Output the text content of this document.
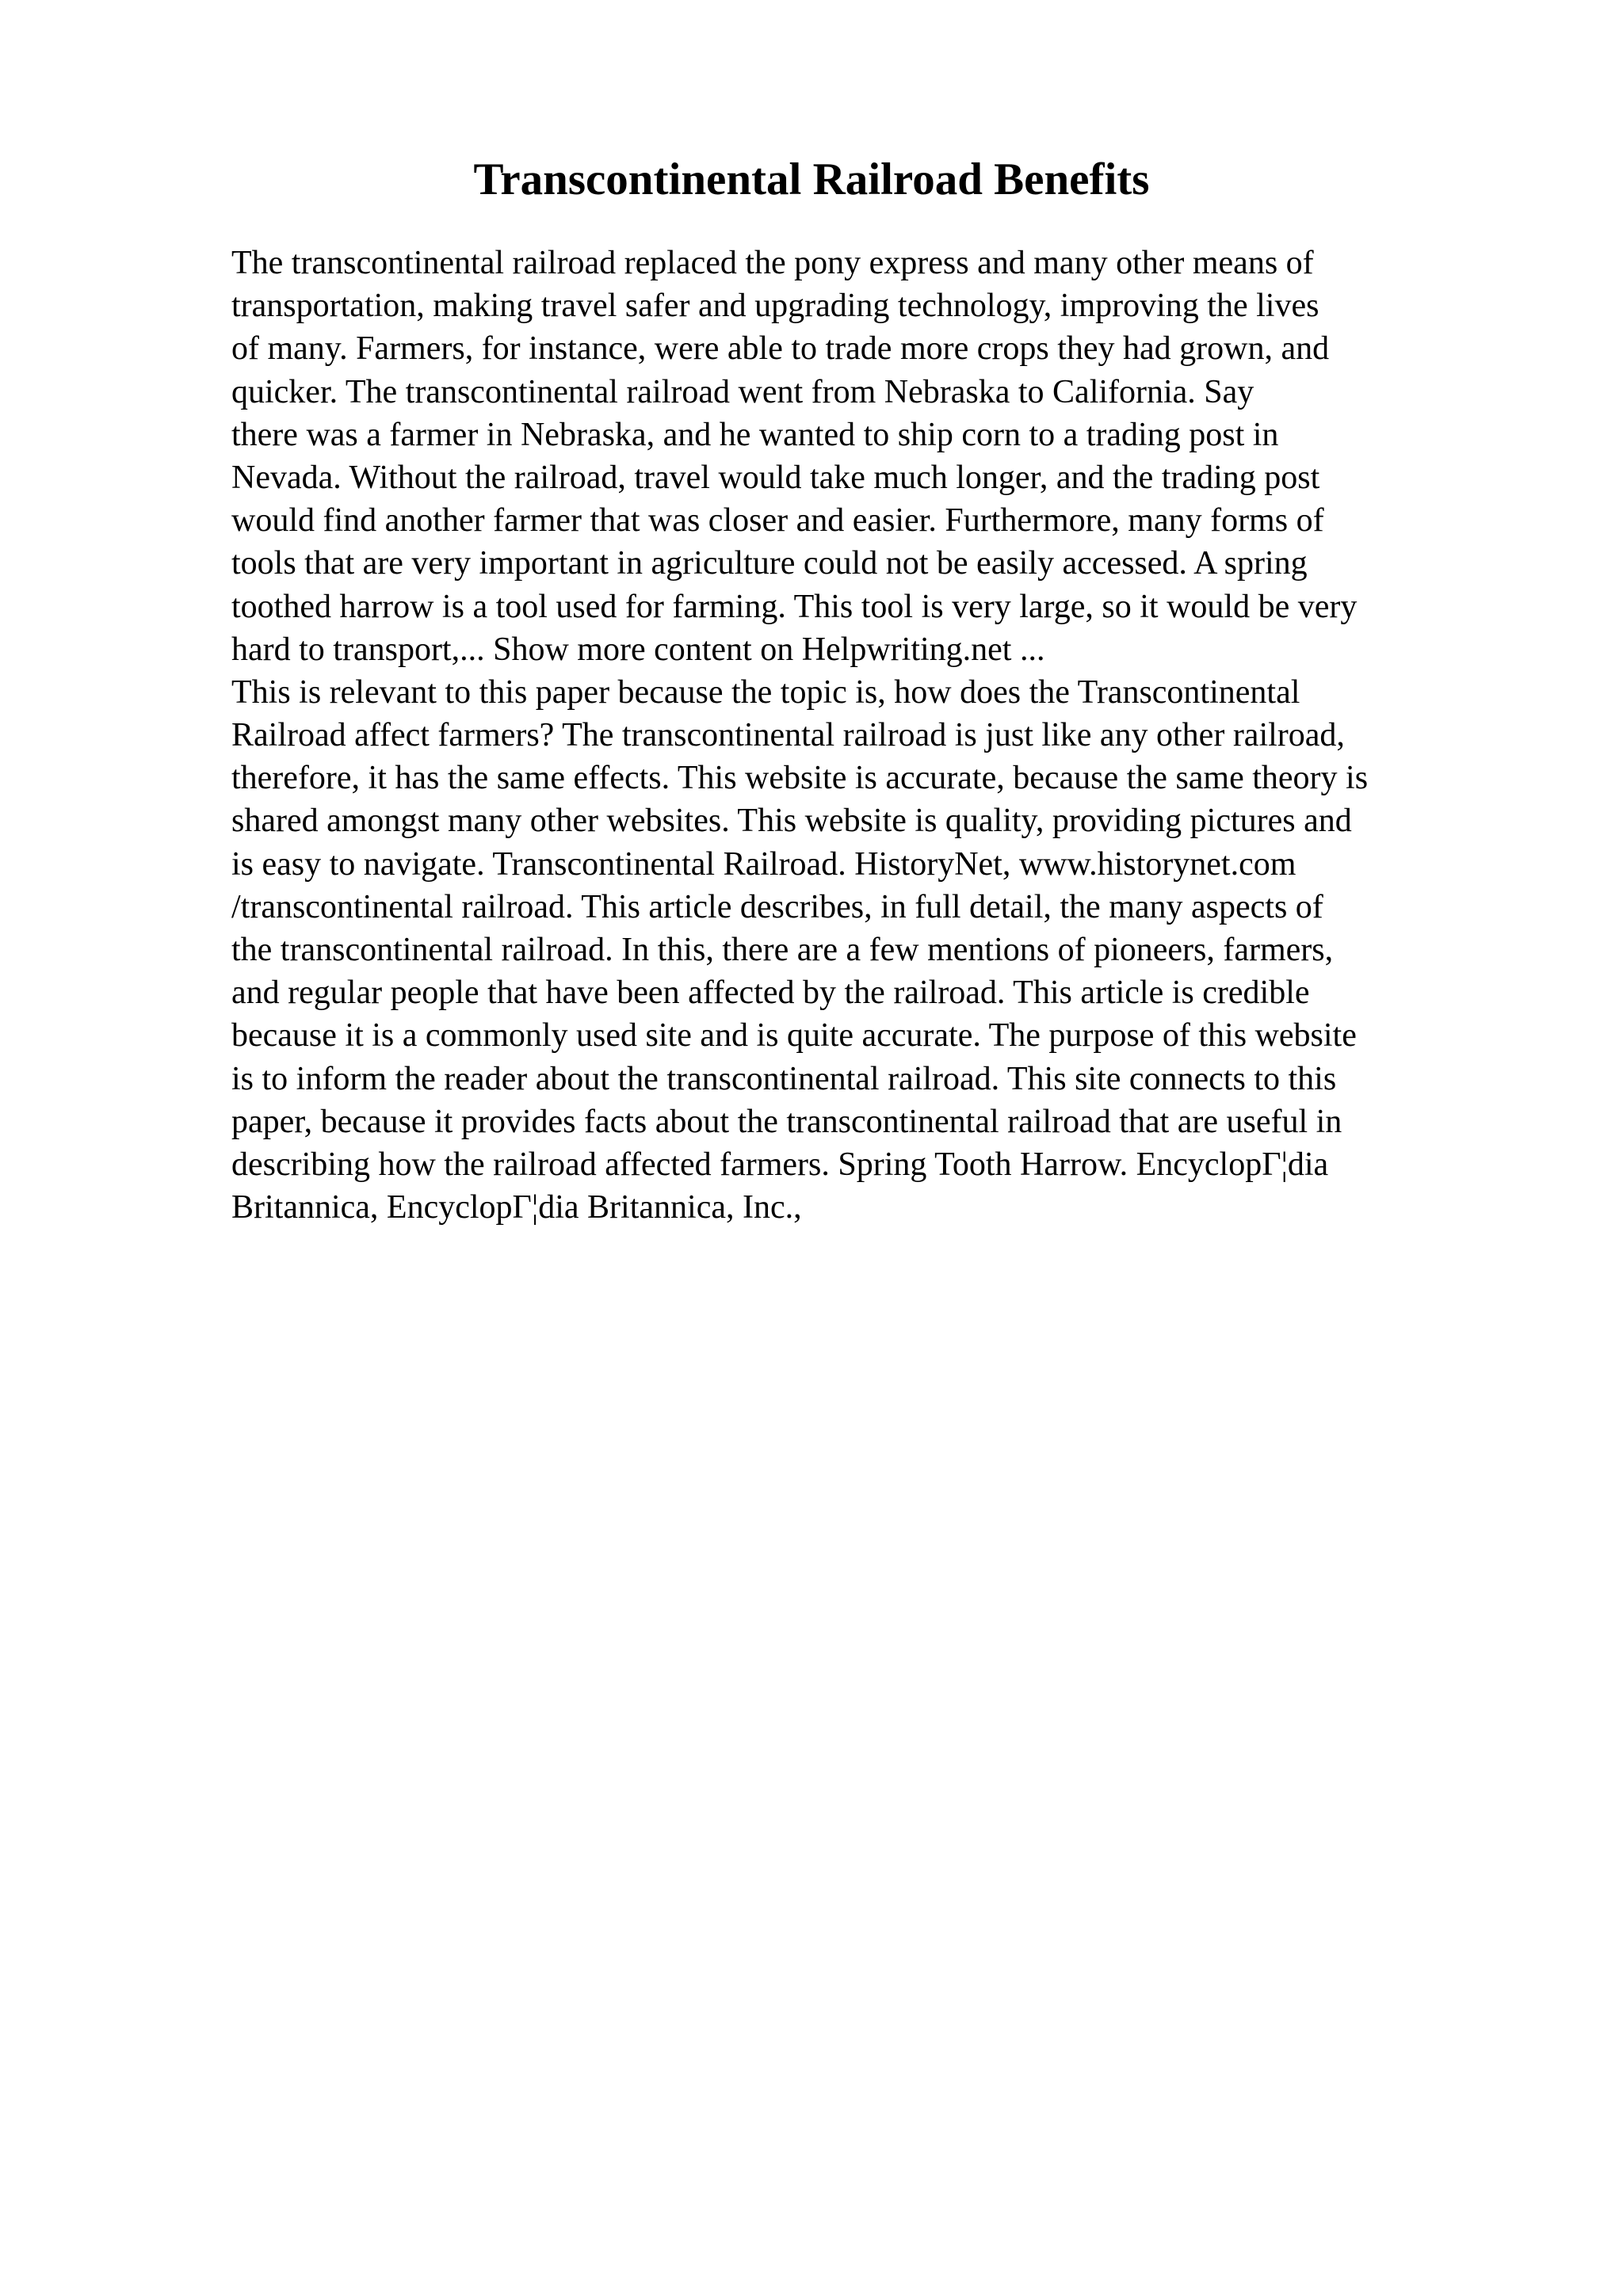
Transcontinental Railroad Benefits
The transcontinental railroad replaced the pony express and many other means of
transportation, making travel safer and upgrading technology, improving the lives
of many. Farmers, for instance, were able to trade more crops they had grown, and
quicker. The transcontinental railroad went from Nebraska to California. Say
there was a farmer in Nebraska, and he wanted to ship corn to a trading post in
Nevada. Without the railroad, travel would take much longer, and the trading post
would find another farmer that was closer and easier. Furthermore, many forms of
tools that are very important in agriculture could not be easily accessed. A spring
toothed harrow is a tool used for farming. This tool is very large, so it would be very
hard to transport,... Show more content on Helpwriting.net ...
This is relevant to this paper because the topic is, how does the Transcontinental
Railroad affect farmers? The transcontinental railroad is just like any other railroad,
therefore, it has the same effects. This website is accurate, because the same theory is
shared amongst many other websites. This website is quality, providing pictures and
is easy to navigate. Transcontinental Railroad. HistoryNet, www.historynet.com
/transcontinental railroad. This article describes, in full detail, the many aspects of
the transcontinental railroad. In this, there are a few mentions of pioneers, farmers,
and regular people that have been affected by the railroad. This article is credible
because it is a commonly used site and is quite accurate. The purpose of this website
is to inform the reader about the transcontinental railroad. This site connects to this
paper, because it provides facts about the transcontinental railroad that are useful in
describing how the railroad affected farmers. Spring Tooth Harrow. EncyclopΓ¦dia
Britannica, EncyclopΓ¦dia Britannica, Inc.,
